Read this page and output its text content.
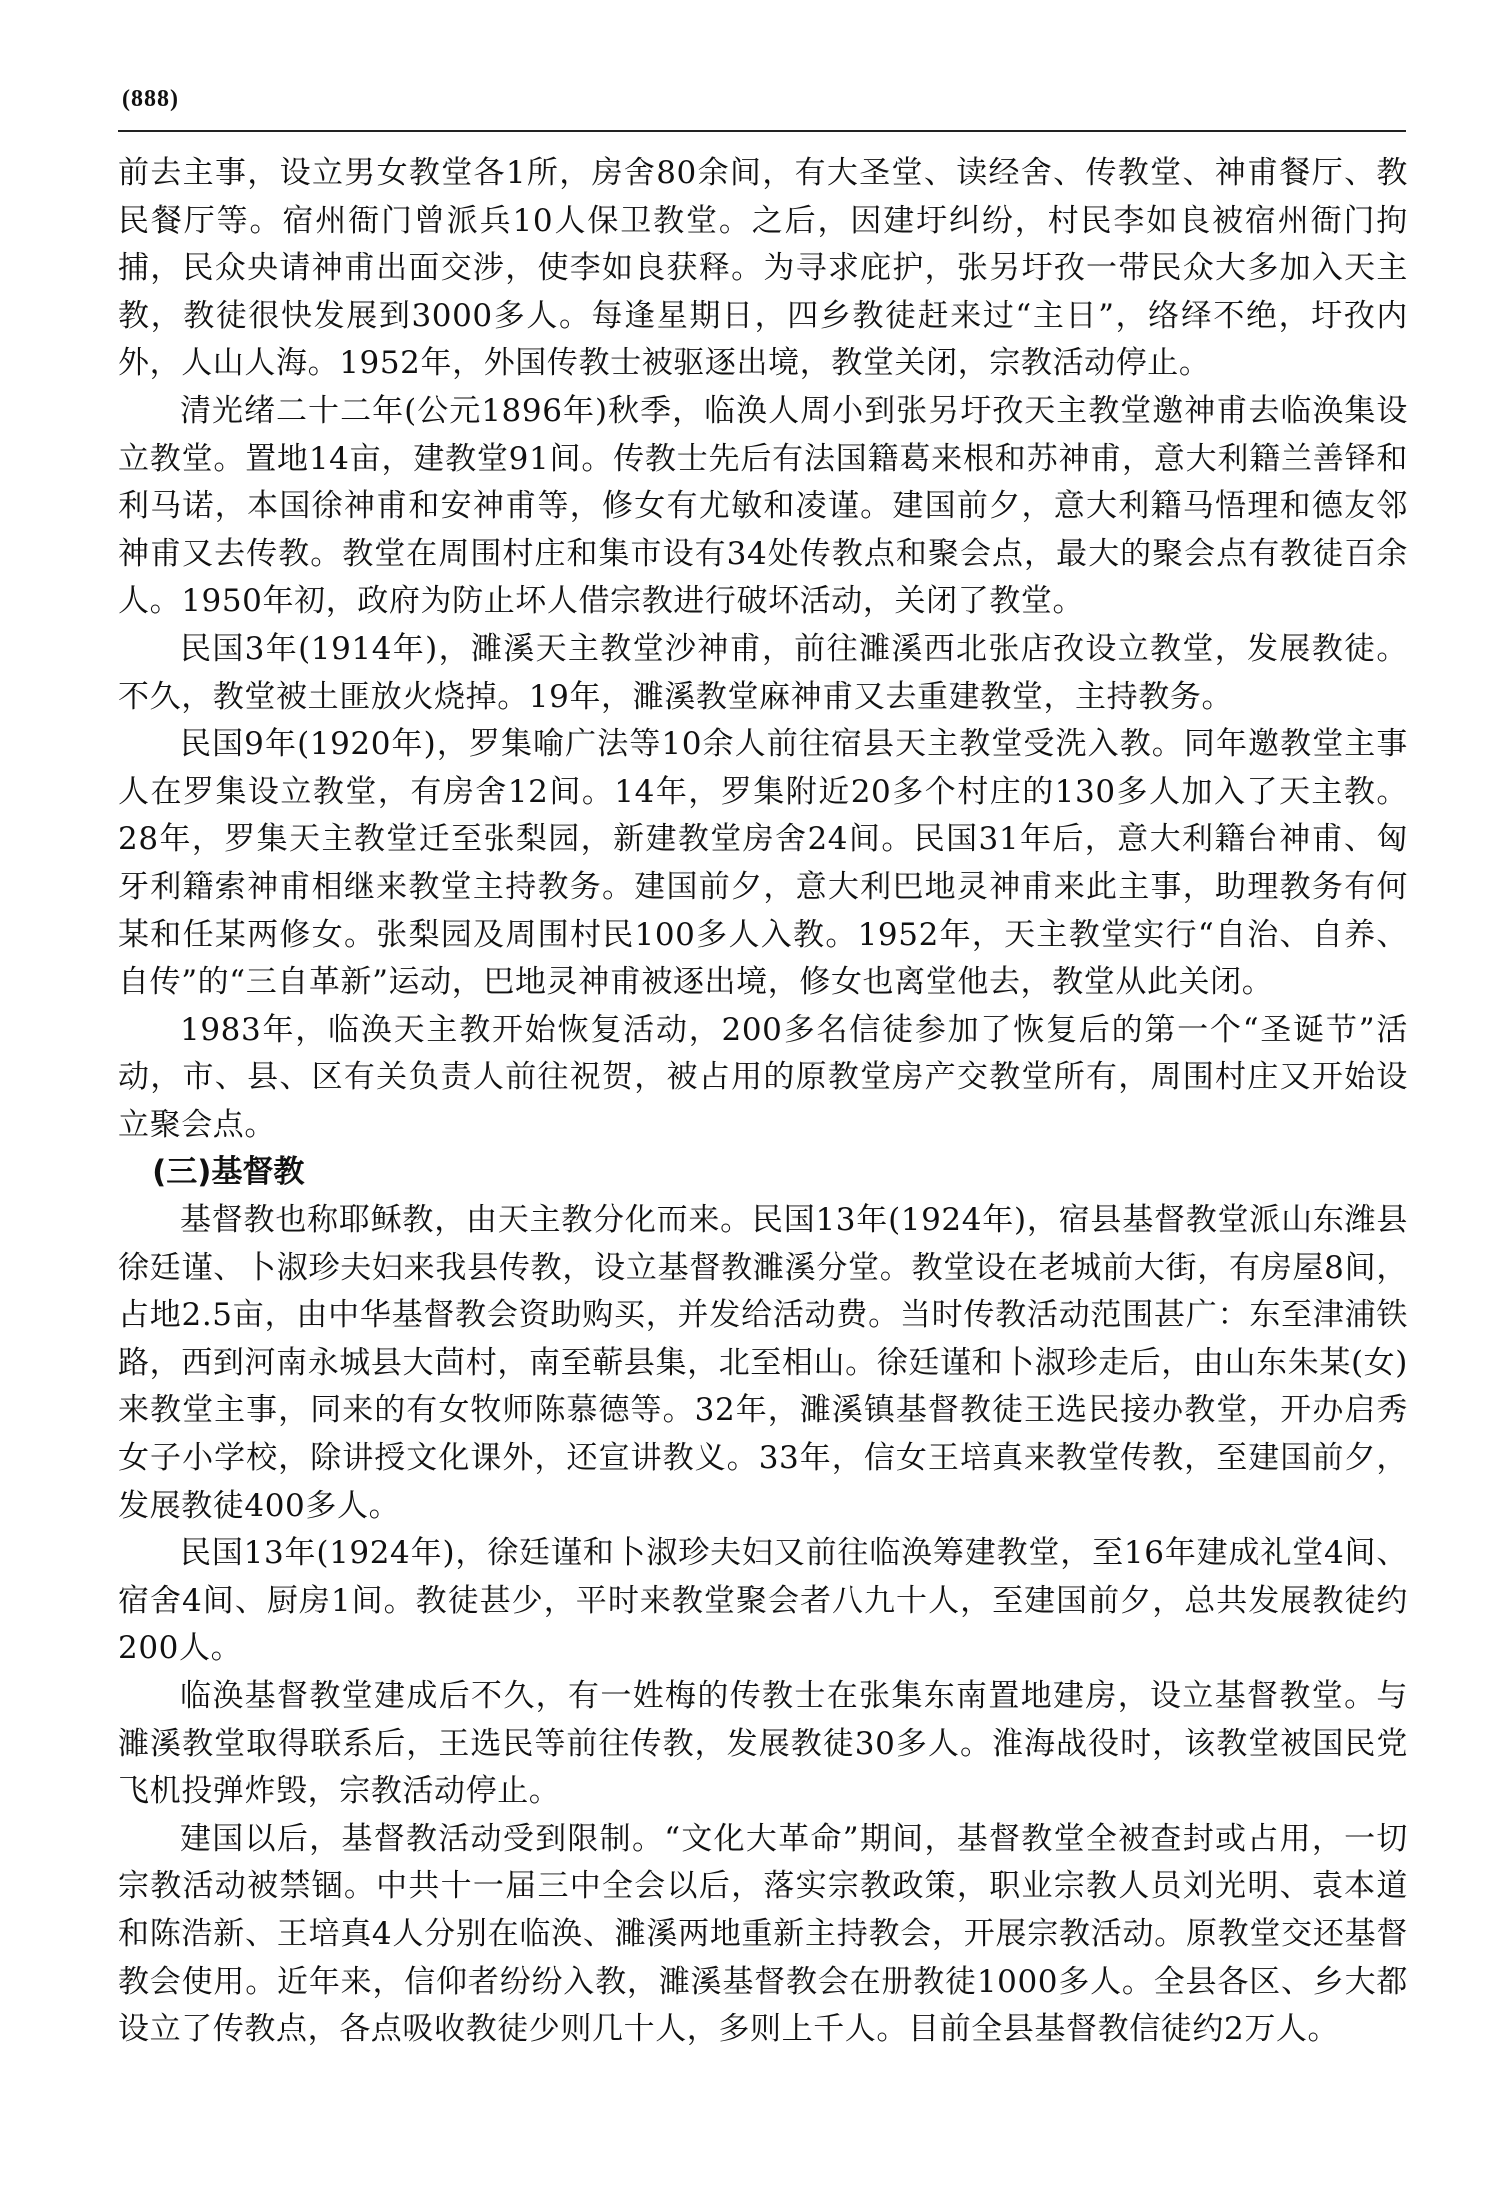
(888)

前去主事，设立男女教堂各1所，房舍80余间，有大圣堂、读经舍、传教堂、神甫餐厅、教民餐厅等。宿州衙门曾派兵10人保卫教堂。之后，因建圩纠纷，村民李如良被宿州衙门拘捕，民众央请神甫出面交涉，使李如良获释。为寻求庇护，张另圩孜一带民众大多加入天主教，教徒很快发展到3000多人。每逢星期日，四乡教徒赶来过“主日”，络绎不绝，圩孜内外，人山人海。1952年，外国传教士被驱逐出境，教堂关闭，宗教活动停止。

清光绪二十二年(公元1896年)秋季，临涣人周小到张另圩孜天主教堂邀神甫去临涣集设立教堂。置地14亩，建教堂91间。传教士先后有法国籍葛来根和苏神甫，意大利籍兰善铎和利马诺，本国徐神甫和安神甫等，修女有尤敏和凌谨。建国前夕，意大利籍马悟理和德友邻神甫又去传教。教堂在周围村庄和集市设有34处传教点和聚会点，最大的聚会点有教徒百余人。1950年初，政府为防止坏人借宗教进行破坏活动，关闭了教堂。

民国3年(1914年)，濉溪天主教堂沙神甫，前往濉溪西北张店孜设立教堂，发展教徒。不久，教堂被土匪放火烧掉。19年，濉溪教堂麻神甫又去重建教堂，主持教务。

民国9年(1920年)，罗集喻广法等10余人前往宿县天主教堂受洗入教。同年邀教堂主事人在罗集设立教堂，有房舍12间。14年，罗集附近20多个村庄的130多人加入了天主教。28年，罗集天主教堂迁至张梨园，新建教堂房舍24间。民国31年后，意大利籍台神甫、匈牙利籍索神甫相继来教堂主持教务。建国前夕，意大利巴地灵神甫来此主事，助理教务有何某和任某两修女。张梨园及周围村民100多人入教。1952年，天主教堂实行“自治、自养、自传”的“三自革新”运动，巴地灵神甫被逐出境，修女也离堂他去，教堂从此关闭。

1983年，临涣天主教开始恢复活动，200多名信徒参加了恢复后的第一个“圣诞节”活动，市、县、区有关负责人前往祝贺，被占用的原教堂房产交教堂所有，周围村庄又开始设立聚会点。

(三)基督教

基督教也称耶稣教，由天主教分化而来。民国13年(1924年)，宿县基督教堂派山东潍县徐廷谨、卜淑珍夫妇来我县传教，设立基督教濉溪分堂。教堂设在老城前大街，有房屋8间，占地2.5亩，由中华基督教会资助购买，并发给活动费。当时传教活动范围甚广：东至津浦铁路，西到河南永城县大茴村，南至蕲县集，北至相山。徐廷谨和卜淑珍走后，由山东朱某(女)来教堂主事，同来的有女牧师陈慕德等。32年，濉溪镇基督教徒王选民接办教堂，开办启秀女子小学校，除讲授文化课外，还宣讲教义。33年，信女王培真来教堂传教，至建国前夕，发展教徒400多人。

民国13年(1924年)，徐廷谨和卜淑珍夫妇又前往临涣筹建教堂，至16年建成礼堂4间、宿舍4间、厨房1间。教徒甚少，平时来教堂聚会者八九十人，至建国前夕，总共发展教徒约200人。

临涣基督教堂建成后不久，有一姓梅的传教士在张集东南置地建房，设立基督教堂。与濉溪教堂取得联系后，王选民等前往传教，发展教徒30多人。淮海战役时，该教堂被国民党飞机投弹炸毁，宗教活动停止。

建国以后，基督教活动受到限制。“文化大革命”期间，基督教堂全被查封或占用，一切宗教活动被禁锢。中共十一届三中全会以后，落实宗教政策，职业宗教人员刘光明、袁本道和陈浩新、王培真4人分别在临涣、濉溪两地重新主持教会，开展宗教活动。原教堂交还基督教会使用。近年来，信仰者纷纷入教，濉溪基督教会在册教徒1000多人。全县各区、乡大都设立了传教点，各点吸收教徒少则几十人，多则上千人。目前全县基督教信徒约2万人。
